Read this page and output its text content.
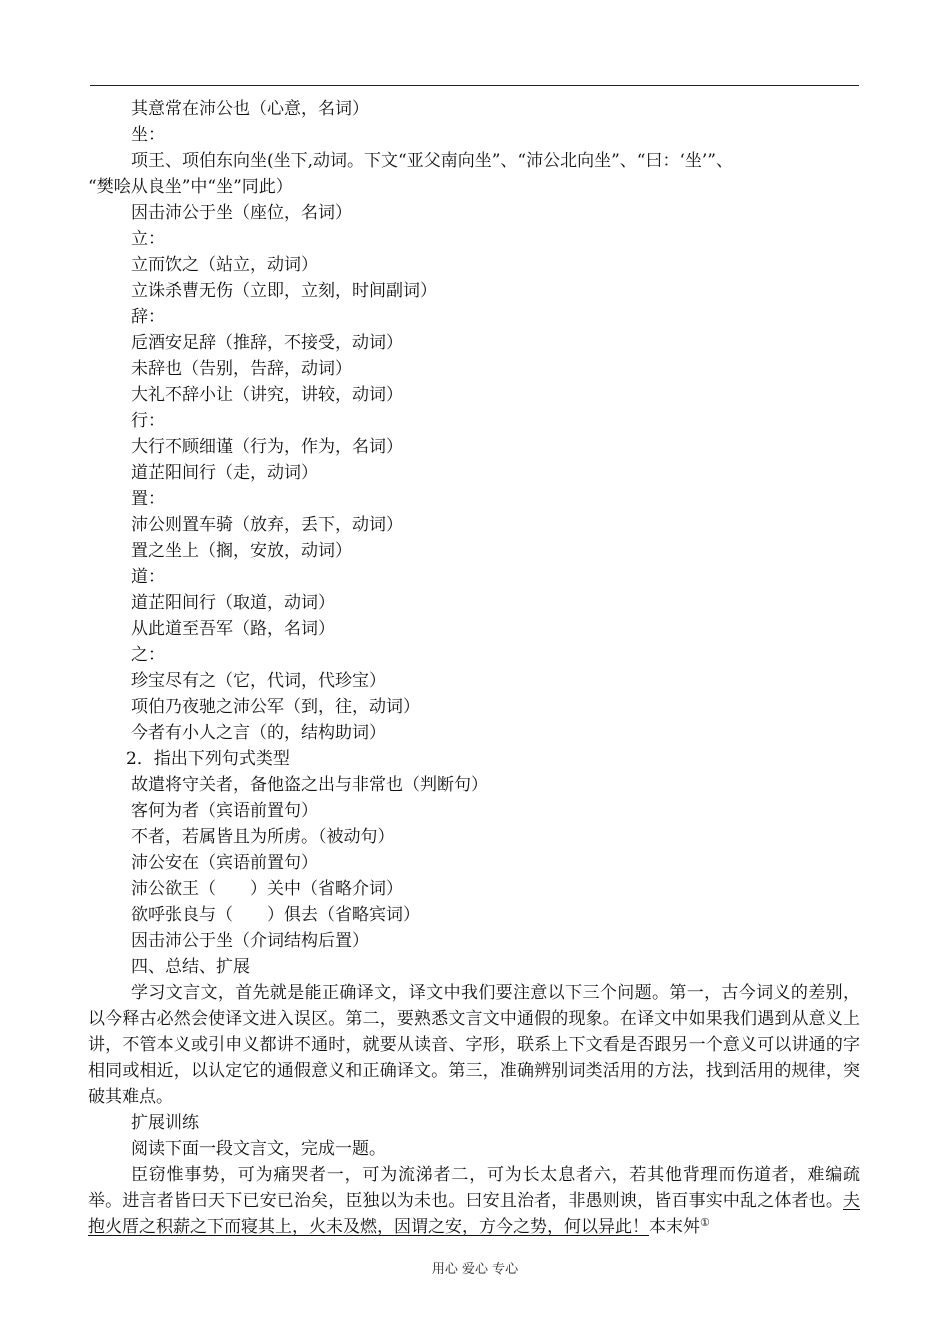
其意常在沛公也（心意，名词）
坐：
项王、项伯东向坐(坐下,动词。下文“亚父南向坐”、“沛公北向坐”、“曰：‘坐’”、
“樊哙从良坐”中“坐”同此）
因击沛公于坐（座位，名词）
立：
立而饮之（站立，动词）
立诛杀曹无伤（立即，立刻，时间副词）
辞：
卮酒安足辞（推辞，不接受，动词）
未辞也（告别，告辞，动词）
大礼不辞小让（讲究，讲较，动词）
行：
大行不顾细谨（行为，作为，名词）
道芷阳间行（走，动词）
置：
沛公则置车骑（放弃，丢下，动词）
置之坐上（搁，安放，动词）
道：
道芷阳间行（取道，动词）
从此道至吾军（路，名词）
之：
珍宝尽有之（它，代词，代珍宝）
项伯乃夜驰之沛公军（到，往，动词）
今者有小人之言（的，结构助词）
2．指出下列句式类型
故遣将守关者，备他盗之出与非常也（判断句）
客何为者（宾语前置句）
不者，若属皆且为所虏。（被动句）
沛公安在（宾语前置句）
沛公欲王（　　）关中（省略介词）
欲呼张良与（　　）俱去（省略宾词）
因击沛公于坐（介词结构后置）
四、总结、扩展

学习文言文，首先就是能正确译文，译文中我们要注意以下三个问题。第一，古今词义的差别，以今释古必然会使译文进入误区。第二，要熟悉文言文中通假的现象。在译文中如果我们遇到从意义上讲，不管本义或引申义都讲不通时，就要从读音、字形，联系上下文看是否跟另一个意义可以讲通的字相同或相近，以认定它的通假意义和正确译文。第三，准确辨别词类活用的方法，找到活用的规律，突破其难点。

扩展训练
阅读下面一段文言文，完成一题。

臣窃惟事势，可为痛哭者一，可为流涕者二，可为长太息者六，若其他背理而伤道者，难编疏举。进言者皆曰天下已安已治矣，臣独以为未也。曰安且治者，非愚则谀，皆百事实中乱之体者也。夫抱火厝之积薪之下而寝其上，火未及燃，因谓之安，方今之势，何以异此！本末舛①

用心 爱心 专心
